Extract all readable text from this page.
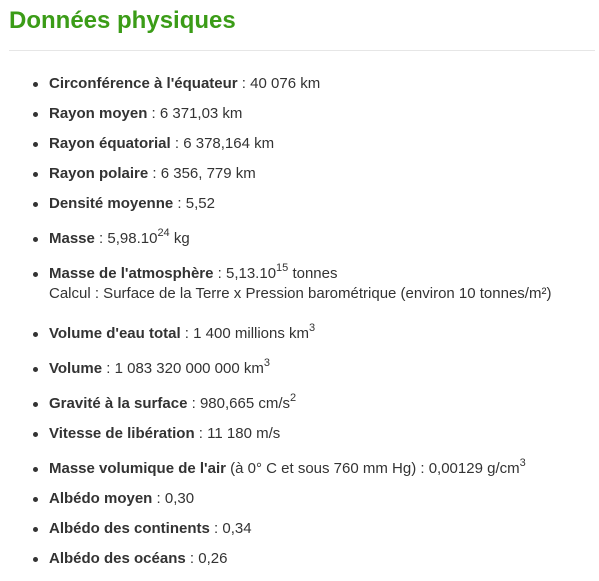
Données physiques
Circonférence à l'équateur : 40 076 km
Rayon moyen : 6 371,03 km
Rayon équatorial : 6 378,164 km
Rayon polaire : 6 356, 779 km
Densité moyenne : 5,52
Masse : 5,98.10$^{24}$ kg
Masse de l'atmosphère : 5,13.10$^{15}$ tonnes
Calcul : Surface de la Terre x Pression barométrique (environ 10 tonnes/m²)
Volume d'eau total : 1 400 millions $km^3$
Volume : 1 083 320 000 000 $km^3$
Gravité à la surface : 980,665 $cm/s^2$
Vitesse de libération : 11 180 m/s
Masse volumique de l'air (à 0° C et sous 760 mm Hg) : 0,00129 $g/cm^3$
Albédo moyen : 0,30
Albédo des continents : 0,34
Albédo des océans : 0,26
